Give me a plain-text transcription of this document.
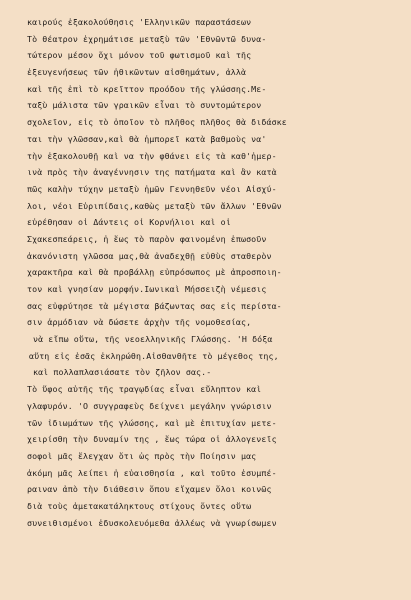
καιρούς ἐξακολούθησις 'Ελληνικῶν παραστάσεων
Τὸ θέατρον ἐχρημάτισε μεταξὺ τῶν 'Εθνῶντῶ δυνα-
τώτερον μέσον ὄχι μόνον τοῦ φωτισμοῦ καὶ τῆς
ἐξευγενήσεως τῶν ἠθικῶντων αἰσθημάτων, ἀλλὰ
καὶ τῆς ἐπὶ τὸ κρεῖττον προόδου τῆς γλώσσης.Με-
ταξὺ μάλιστα τῶν γραικῶν εἶναι τὸ συντομώτερον
σχολεῖον, εἰς τὸ ὁποῖον τὸ πλῆθος πλῆθος θὰ διδάσκε
ται τὴν γλῶσσαν,καὶ θὰ ἠμπορεῖ κατὰ βαθμοὺς να'
τὴν ἐξακολουθῇ καὶ να τὴν φθάνει εἰς τὰ καθ'ἡμερ-
ινὰ πρὸς τὴν ἀναγέννησιν της πατήματα καὶ ἂν κατὰ
πῶς καλὴν τύχην μεταξὺ ἡμῶν Γεννηθεῦν νέοι Αἰσχύ-
λοι, νέοι Εὐριπίδαις,καθὼς μεταξὺ τῶν ἄλλων 'Εθνῶν
εὐρέθησαν οἱ Δάντεις οἱ Κορνήλιοι καὶ οἱ
Σχακεσπεάρεις, ἡ ἕως τὸ παρὸν φαινομένη ἐπωσοῦν
ἀκανόνιστη γλῶσσα μας,θὰ ἀναδεχθῇ εὐθὺς σταθερὸν
χαρακτῆρα καὶ θὰ προβάλλῃ εὐπρόσωπος μὲ ἀπροσποιη-
τον καὶ γνησίαν μορφήν.Ιωνικαὶ Μήσσειζὴ νέμεσις
σας εὐφρύτησε τὰ μέγιστα βάζωντας σας εἰς περίστα-
σιν ἁρμόδιαν νὰ δώσετε ἀρχὴν τῆς νομοθεσίας,
νὰ εἴπω οὕτω, τῆς νεοελληνικῆς Γλώσσης. 'Η δόξα
αὕτη εἰς ἑσᾶς ἐκληρώθη.Αἰσθανθῆτε τὸ μέγεθος της,
καὶ πολλαπλασιάσατε τὸν ζῆλον σας.-
Τὸ ὕφος αὐτῆς τῆς τραγῳδίας εἶναι εὔληπτον καὶ
γλαφυρόν. 'Ο συγγραφεὺς δείχνει μεγάλην γνώρισιν
τῶν ἰδιωμάτων τῆς γλώσσης, καὶ μὲ ἐπιτυχίαν μετε-
χειρίσθη τὴν δυναμίν της , ἕως τώρα οἱ ἀλλογενεῖς
σοφοὶ μᾶς ἔλεγχαν ὅτι ὡς πρὸς τὴν Ποίησιν μας
ἀκόμη μᾶς λείπει ἡ εὐαισθησία , καὶ τοῦτο ἐσυμπέ-
ραιναν ἀπὸ τὴν διάθεσιν ὅπου εἴχαμεν ὅλοι κοινῶς
διὰ τοὺς ἀμετακατάληκτους στίχους ὄντες οὕτω
συνειθισμένοι ἐδυσκολευόμεθα ἀλλέως νὰ γνωρίσωμεν
